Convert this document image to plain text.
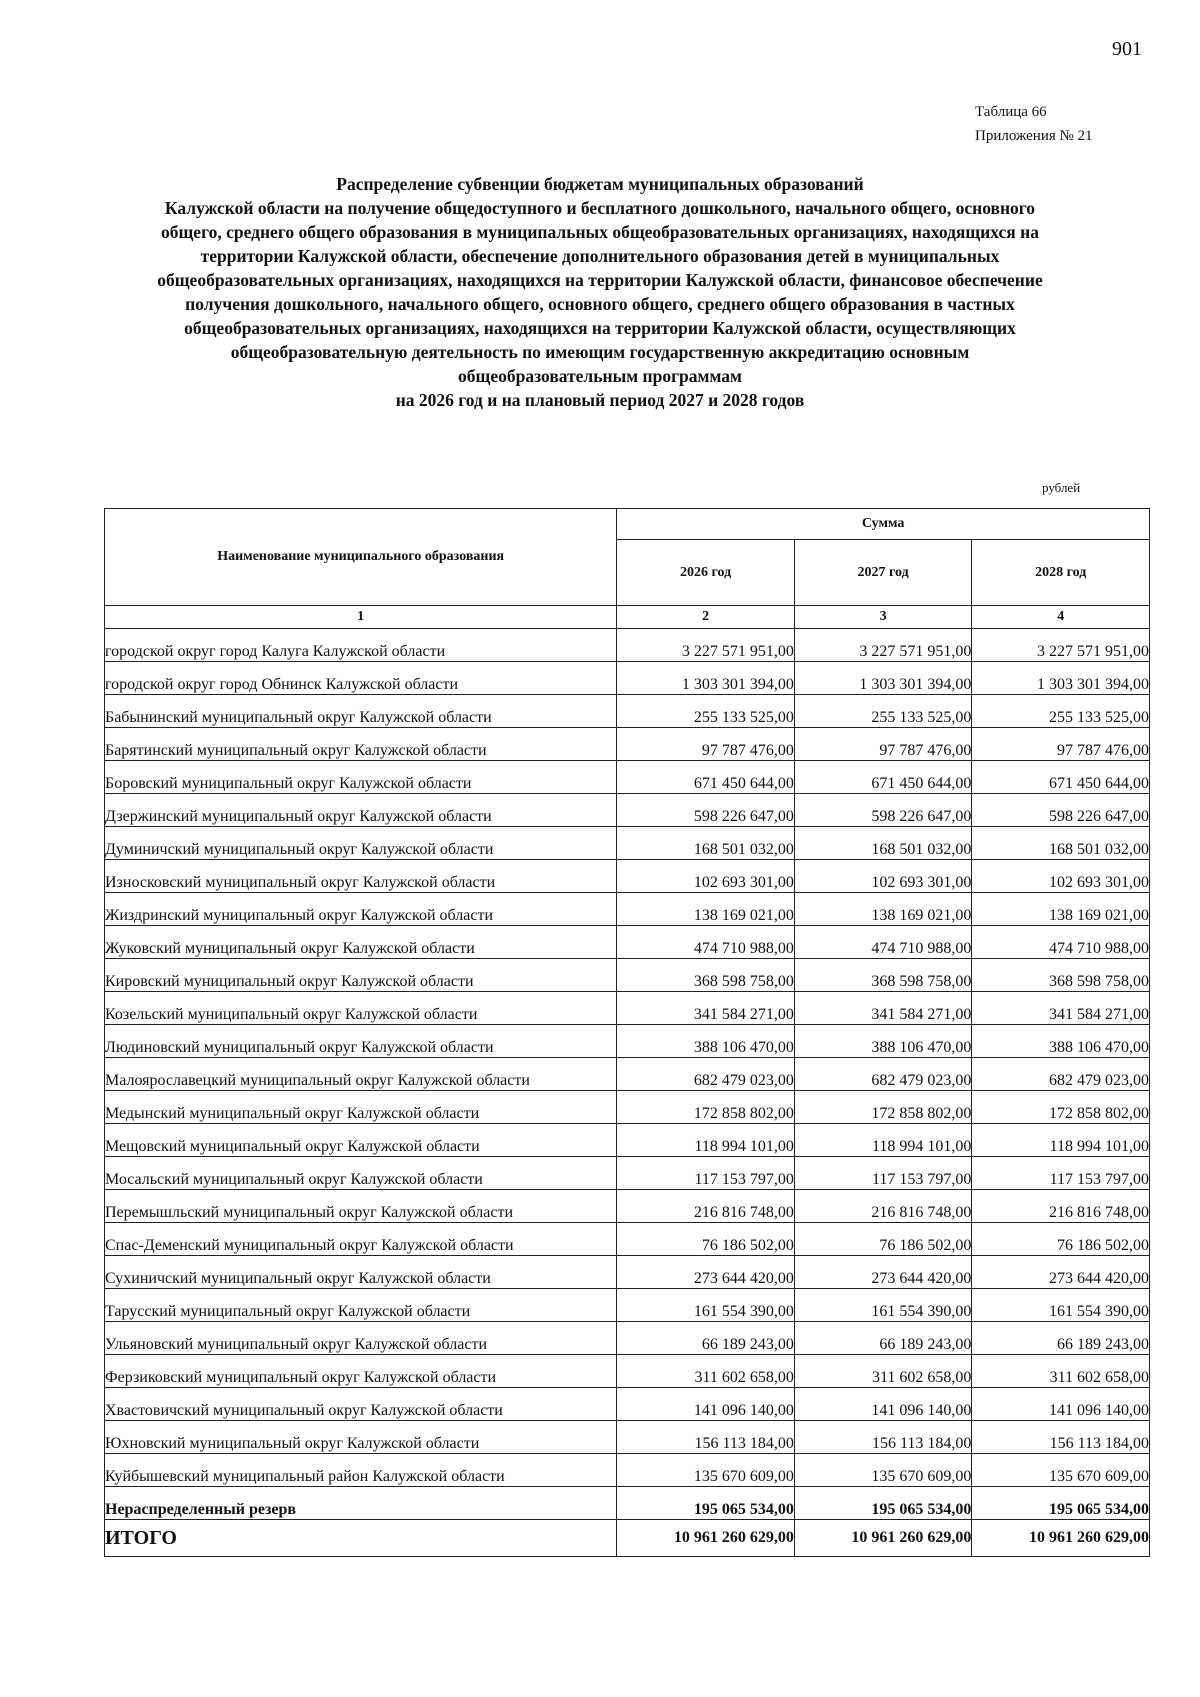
901
Таблица 66
Приложения № 21
Распределение субвенции бюджетам муниципальных образований
Калужской области на получение общедоступного и бесплатного дошкольного, начального общего, основного
общего, среднего общего образования в муниципальных общеобразовательных организациях, находящихся на
территории Калужской области, обеспечение дополнительного образования детей в муниципальных
общеобразовательных организациях, находящихся на территории Калужской области, финансовое обеспечение
получения дошкольного, начального общего, основного общего, среднего общего образования в частных
общеобразовательных организациях, находящихся на территории Калужской области, осуществляющих
общеобразовательную деятельность по имеющим государственную аккредитацию основным
общеобразовательным программам
на 2026 год и на плановый период 2027 и 2028 годов
рублей
Наименование муниципального образования	Сумма		
	2026 год	2027 год	2028 год
1	2	3	4
городской округ город Калуга Калужской области	3 227 571 951,00	3 227 571 951,00	3 227 571 951,00
городской округ город Обнинск Калужской области	1 303 301 394,00	1 303 301 394,00	1 303 301 394,00
Бабынинский муниципальный округ Калужской области	255 133 525,00	255 133 525,00	255 133 525,00
Барятинский муниципальный округ Калужской области	97 787 476,00	97 787 476,00	97 787 476,00
Боровский муниципальный округ Калужской области	671 450 644,00	671 450 644,00	671 450 644,00
Дзержинский муниципальный округ Калужской области	598 226 647,00	598 226 647,00	598 226 647,00
Думиничский муниципальный округ Калужской области	168 501 032,00	168 501 032,00	168 501 032,00
Износковский муниципальный округ Калужской области	102 693 301,00	102 693 301,00	102 693 301,00
Жиздринский муниципальный округ Калужской области	138 169 021,00	138 169 021,00	138 169 021,00
Жуковский муниципальный округ Калужской области	474 710 988,00	474 710 988,00	474 710 988,00
Кировский муниципальный округ Калужской области	368 598 758,00	368 598 758,00	368 598 758,00
Козельский муниципальный округ Калужской области	341 584 271,00	341 584 271,00	341 584 271,00
Людиновский муниципальный округ Калужской области	388 106 470,00	388 106 470,00	388 106 470,00
Малоярославецкий муниципальный округ Калужской области	682 479 023,00	682 479 023,00	682 479 023,00
Медынский муниципальный округ Калужской области	172 858 802,00	172 858 802,00	172 858 802,00
Мещовский муниципальный округ Калужской области	118 994 101,00	118 994 101,00	118 994 101,00
Мосальский муниципальный округ Калужской области	117 153 797,00	117 153 797,00	117 153 797,00
Перемышльский муниципальный округ Калужской области	216 816 748,00	216 816 748,00	216 816 748,00
Спас-Деменский муниципальный округ Калужской области	76 186 502,00	76 186 502,00	76 186 502,00
Сухиничский муниципальный округ Калужской области	273 644 420,00	273 644 420,00	273 644 420,00
Тарусский муниципальный округ Калужской области	161 554 390,00	161 554 390,00	161 554 390,00
Ульяновский муниципальный округ Калужской области	66 189 243,00	66 189 243,00	66 189 243,00
Ферзиковский муниципальный округ Калужской области	311 602 658,00	311 602 658,00	311 602 658,00
Хвастовичский муниципальный округ Калужской области	141 096 140,00	141 096 140,00	141 096 140,00
Юхновский муниципальный округ Калужской области	156 113 184,00	156 113 184,00	156 113 184,00
Куйбышевский муниципальный район Калужской области	135 670 609,00	135 670 609,00	135 670 609,00
Нераспределенный резерв	195 065 534,00	195 065 534,00	195 065 534,00
ИТОГО	10 961 260 629,00	10 961 260 629,00	10 961 260 629,00
